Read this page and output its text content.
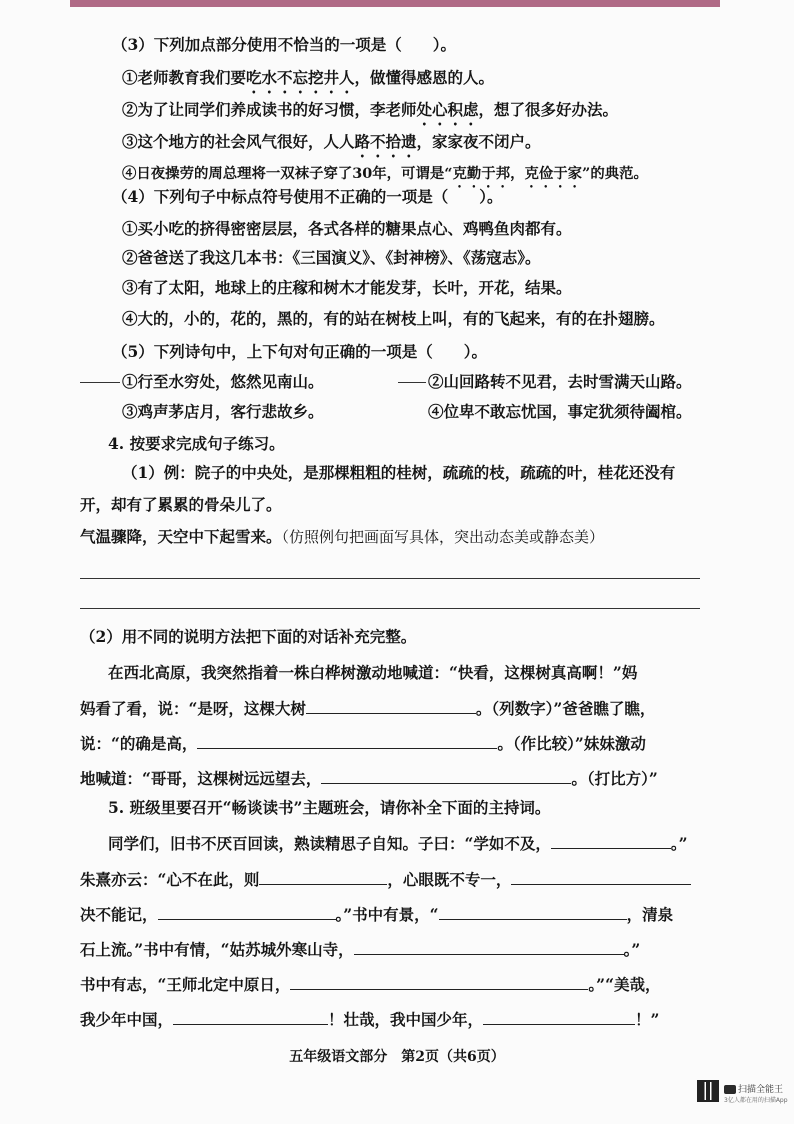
（3）下列加点部分使用不恰当的一项是（　　）。
①老师教育我们要吃水不忘挖井人，做懂得感恩的人。
②为了让同学们养成读书的好习惯，李老师处心积虑，想了很多好办法。
③这个地方的社会风气很好，人人路不拾遗，家家夜不闭户。
④日夜操劳的周总理将一双袜子穿了30年，可谓是“克勤于邦，克俭于家”的典范。
（4）下列句子中标点符号使用不正确的一项是（　　）。
①买小吃的挤得密密层层，各式各样的糖果点心、鸡鸭鱼肉都有。
②爸爸送了我这几本书：《三国演义》、《封神榜》、《荡寇志》。
③有了太阳，地球上的庄稼和树木才能发芽，长叶，开花，结果。
④大的，小的，花的，黑的，有的站在树枝上叫，有的飞起来，有的在扑翅膀。
（5）下列诗句中，上下句对句正确的一项是（　　）。
①行至水穷处，悠然见南山。	②山回路转不见君，去时雪满天山路。
③鸡声茅店月，客行悲故乡。	④位卑不敢忘忧国，事定犹须待阖棺。
4. 按要求完成句子练习。
（1）例：院子的中央处，是那棵粗粗的桂树，疏疏的枝，疏疏的叶，桂花还没有
开，却有了累累的骨朵儿了。
气温骤降，天空中下起雪来。（仿照例句把画面写具体，突出动态美或静态美）
（2）用不同的说明方法把下面的对话补充完整。
在西北高原，我突然指着一株白桦树激动地喊道：“快看，这棵树真高啊！”妈
妈看了看，说：“是呀，这棵大树	。（列数字）”爸爸瞧了瞧，
说：“的确是高，	。（作比较）”妹妹激动
地喊道：“哥哥，这棵树远远望去，	。（打比方）”
5. 班级里要召开“畅谈读书”主题班会，请你补全下面的主持词。
同学们，旧书不厌百回读，熟读精思子自知。子曰：“学如不及，	。”
朱熹亦云：“心不在此，则	，心眼既不专一，
决不能记，	。”书中有景，“	，清泉
石上流。”书中有情，“姑苏城外寒山寺，	。”
书中有志，“王师北定中原日，	。”“美哉，
我少年中国，	！壮哉，我中国少年，	！”
五年级语文部分　第2页（共6页）
扫描全能王
3亿人都在用的扫描App
